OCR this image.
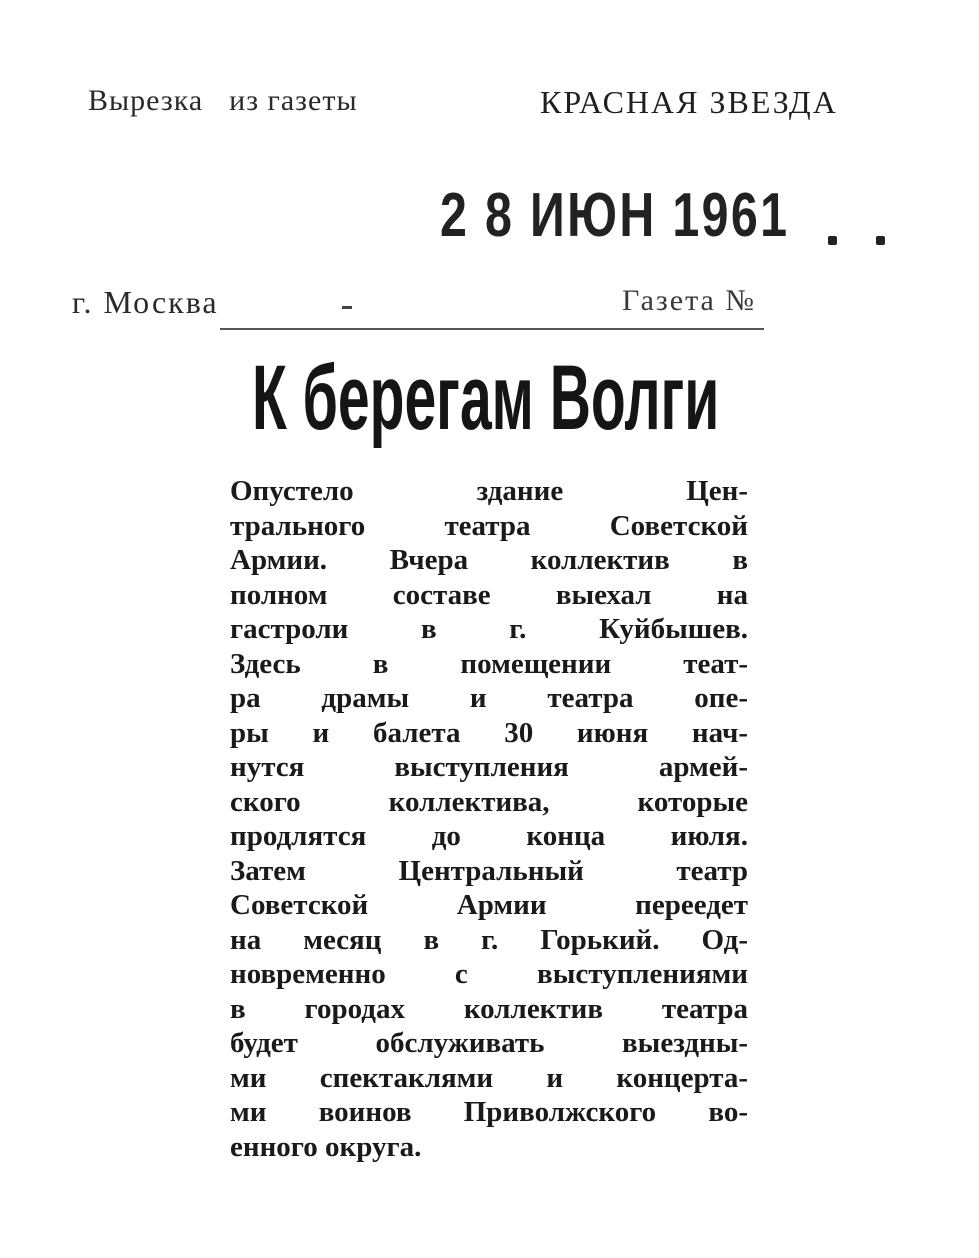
Вырезка из газеты	КРАСНАЯ ЗВЕЗДА
2 8 ИЮН 1961
г. Москва	Газета №
К берегам Волги
Опустело здание Цен-
трального театра Советской
Армии. Вчера коллектив в
полном составе выехал на
гастроли в г. Куйбышев.
Здесь в помещении теат-
ра драмы и театра опе-
ры и балета 30 июня нач-
нутся выступления армей-
ского коллектива, которые
продлятся до конца июля.
Затем Центральный театр
Советской Армии переедет
на месяц в г. Горький. Од-
новременно с выступлениями
в городах коллектив театра
будет обслуживать выездны-
ми спектаклями и концерта-
ми воинов Приволжского во-
енного округа.
